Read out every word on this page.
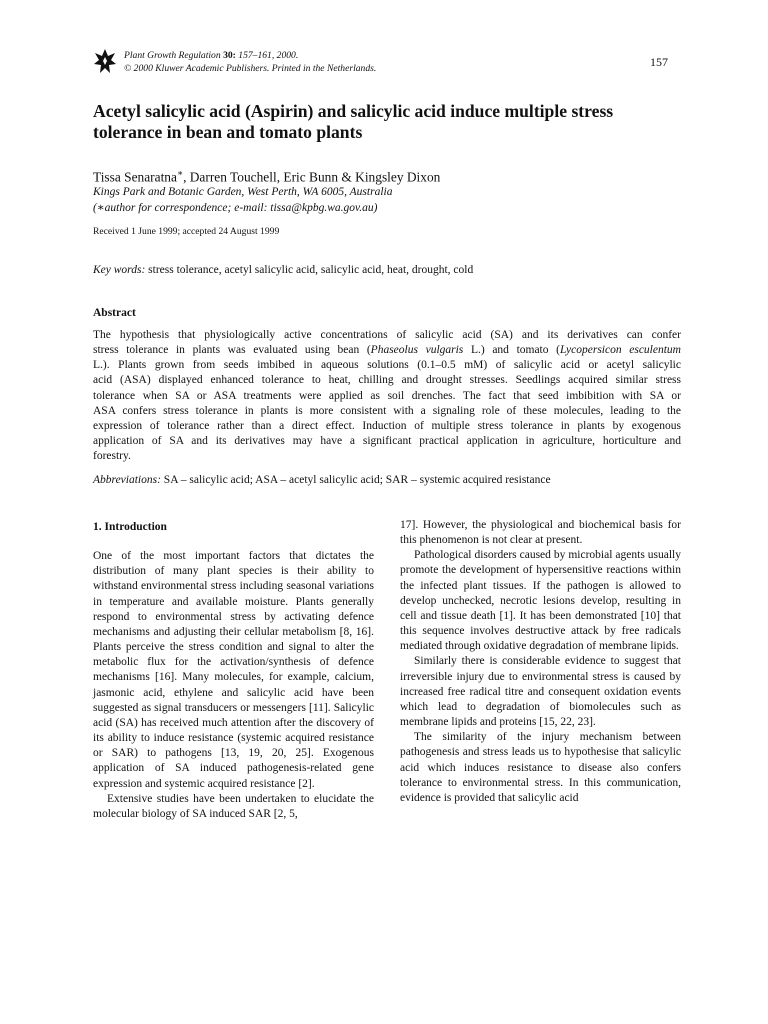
Plant Growth Regulation 30: 157–161, 2000.
© 2000 Kluwer Academic Publishers. Printed in the Netherlands.	157
Acetyl salicylic acid (Aspirin) and salicylic acid induce multiple stress
tolerance in bean and tomato plants
Tissa Senaratna∗, Darren Touchell, Eric Bunn & Kingsley Dixon
Kings Park and Botanic Garden, West Perth, WA 6005, Australia
(∗author for correspondence; e-mail: tissa@kpbg.wa.gov.au)
Received 1 June 1999; accepted 24 August 1999
Key words: stress tolerance, acetyl salicylic acid, salicylic acid, heat, drought, cold
Abstract

The hypothesis that physiologically active concentrations of salicylic acid (SA) and its derivatives can confer

stress tolerance in plants was evaluated using bean (Phaseolus vulgaris L.) and tomato (Lycopersicon esculentum

L.). Plants grown from seeds imbibed in aqueous solutions (0.1–0.5 mM) of salicylic acid or acetyl salicylic

acid (ASA) displayed enhanced tolerance to heat, chilling and drought stresses. Seedlings acquired similar stress

tolerance when SA or ASA treatments were applied as soil drenches. The fact that seed imbibition with SA or

ASA confers stress tolerance in plants is more consistent with a signaling role of these molecules, leading to the

expression of tolerance rather than a direct effect. Induction of multiple stress tolerance in plants by exogenous

application of SA and its derivatives may have a significant practical application in agriculture, horticulture and

forestry.

Abbreviations: SA – salicylic acid; ASA – acetyl salicylic acid; SAR – systemic acquired resistance

1. Introduction

One of the most important factors that dictates the distribution of many plant species is their ability to withstand environmental stress including seasonal variations in temperature and available moisture. Plants generally respond to environmental stress by activating defence mechanisms and adjusting their cellular metabolism [8, 16]. Plants perceive the stress condition and signal to alter the metabolic flux for the activation/synthesis of defence mechanisms [16]. Many molecules, for example, calcium, jasmonic acid, ethylene and salicylic acid have been suggested as signal transducers or messengers [11]. Salicylic acid (SA) has received much attention after the discovery of its ability to induce resistance (systemic acquired resistance or SAR) to pathogens [13, 19, 20, 25]. Exogenous application of SA induced pathogenesis-related gene expression and systemic acquired resistance [2].

Extensive studies have been undertaken to elucidate the molecular biology of SA induced SAR [2, 5,

17]. However, the physiological and biochemical basis for this phenomenon is not clear at present.

Pathological disorders caused by microbial agents usually promote the development of hypersensitive reactions within the infected plant tissues. If the pathogen is allowed to develop unchecked, necrotic lesions develop, resulting in cell and tissue death [1]. It has been demonstrated [10] that this sequence involves destructive attack by free radicals mediated through oxidative degradation of membrane lipids.

Similarly there is considerable evidence to suggest that irreversible injury due to environmental stress is caused by increased free radical titre and consequent oxidation events which lead to degradation of biomolecules such as membrane lipids and proteins [15, 22, 23].

The similarity of the injury mechanism between pathogenesis and stress leads us to hypothesise that salicylic acid which induces resistance to disease also confers tolerance to environmental stress. In this communication, evidence is provided that salicylic acid
